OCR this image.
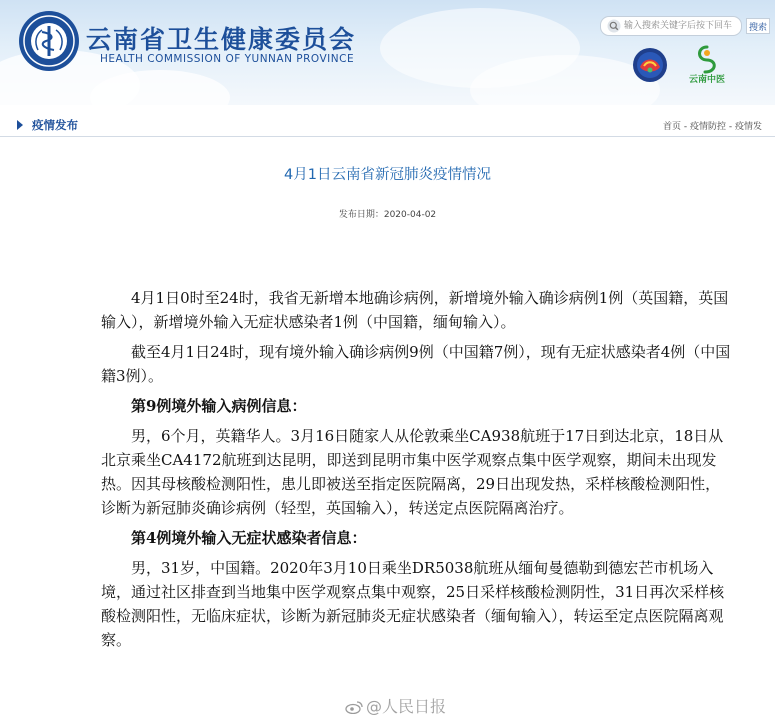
云南省卫生健康委员会
HEALTH COMMISSION OF YUNNAN PROVINCE
输入搜索关键字后按下回车	搜索
云南中医
疫情发布	首页 - 疫情防控 - 疫情发
4月1日云南省新冠肺炎疫情情况
发布日期：2020-04-02

4月1日0时至24时，我省无新增本地确诊病例，新增境外输入确诊病例1例（英国籍，英国输入），新增境外输入无症状感染者1例（中国籍，缅甸输入）。

截至4月1日24时，现有境外输入确诊病例9例（中国籍7例），现有无症状感染者4例（中国籍3例）。

第9例境外输入病例信息：

男，6个月，英籍华人。3月16日随家人从伦敦乘坐CA938航班于17日到达北京，18日从北京乘坐CA4172航班到达昆明，即送到昆明市集中医学观察点集中医学观察，期间未出现发热。因其母核酸检测阳性，患儿即被送至指定医院隔离，29日出现发热，采样核酸检测阳性，诊断为新冠肺炎确诊病例（轻型，英国输入），转送定点医院隔离治疗。

第4例境外输入无症状感染者信息：

男，31岁，中国籍。2020年3月10日乘坐DR5038航班从缅甸曼德勒到德宏芒市机场入境，通过社区排查到当地集中医学观察点集中观察，25日采样核酸检测阴性，31日再次采样核酸检测阳性，无临床症状，诊断为新冠肺炎无症状感染者（缅甸输入），转运至定点医院隔离观察。

@人民日报
